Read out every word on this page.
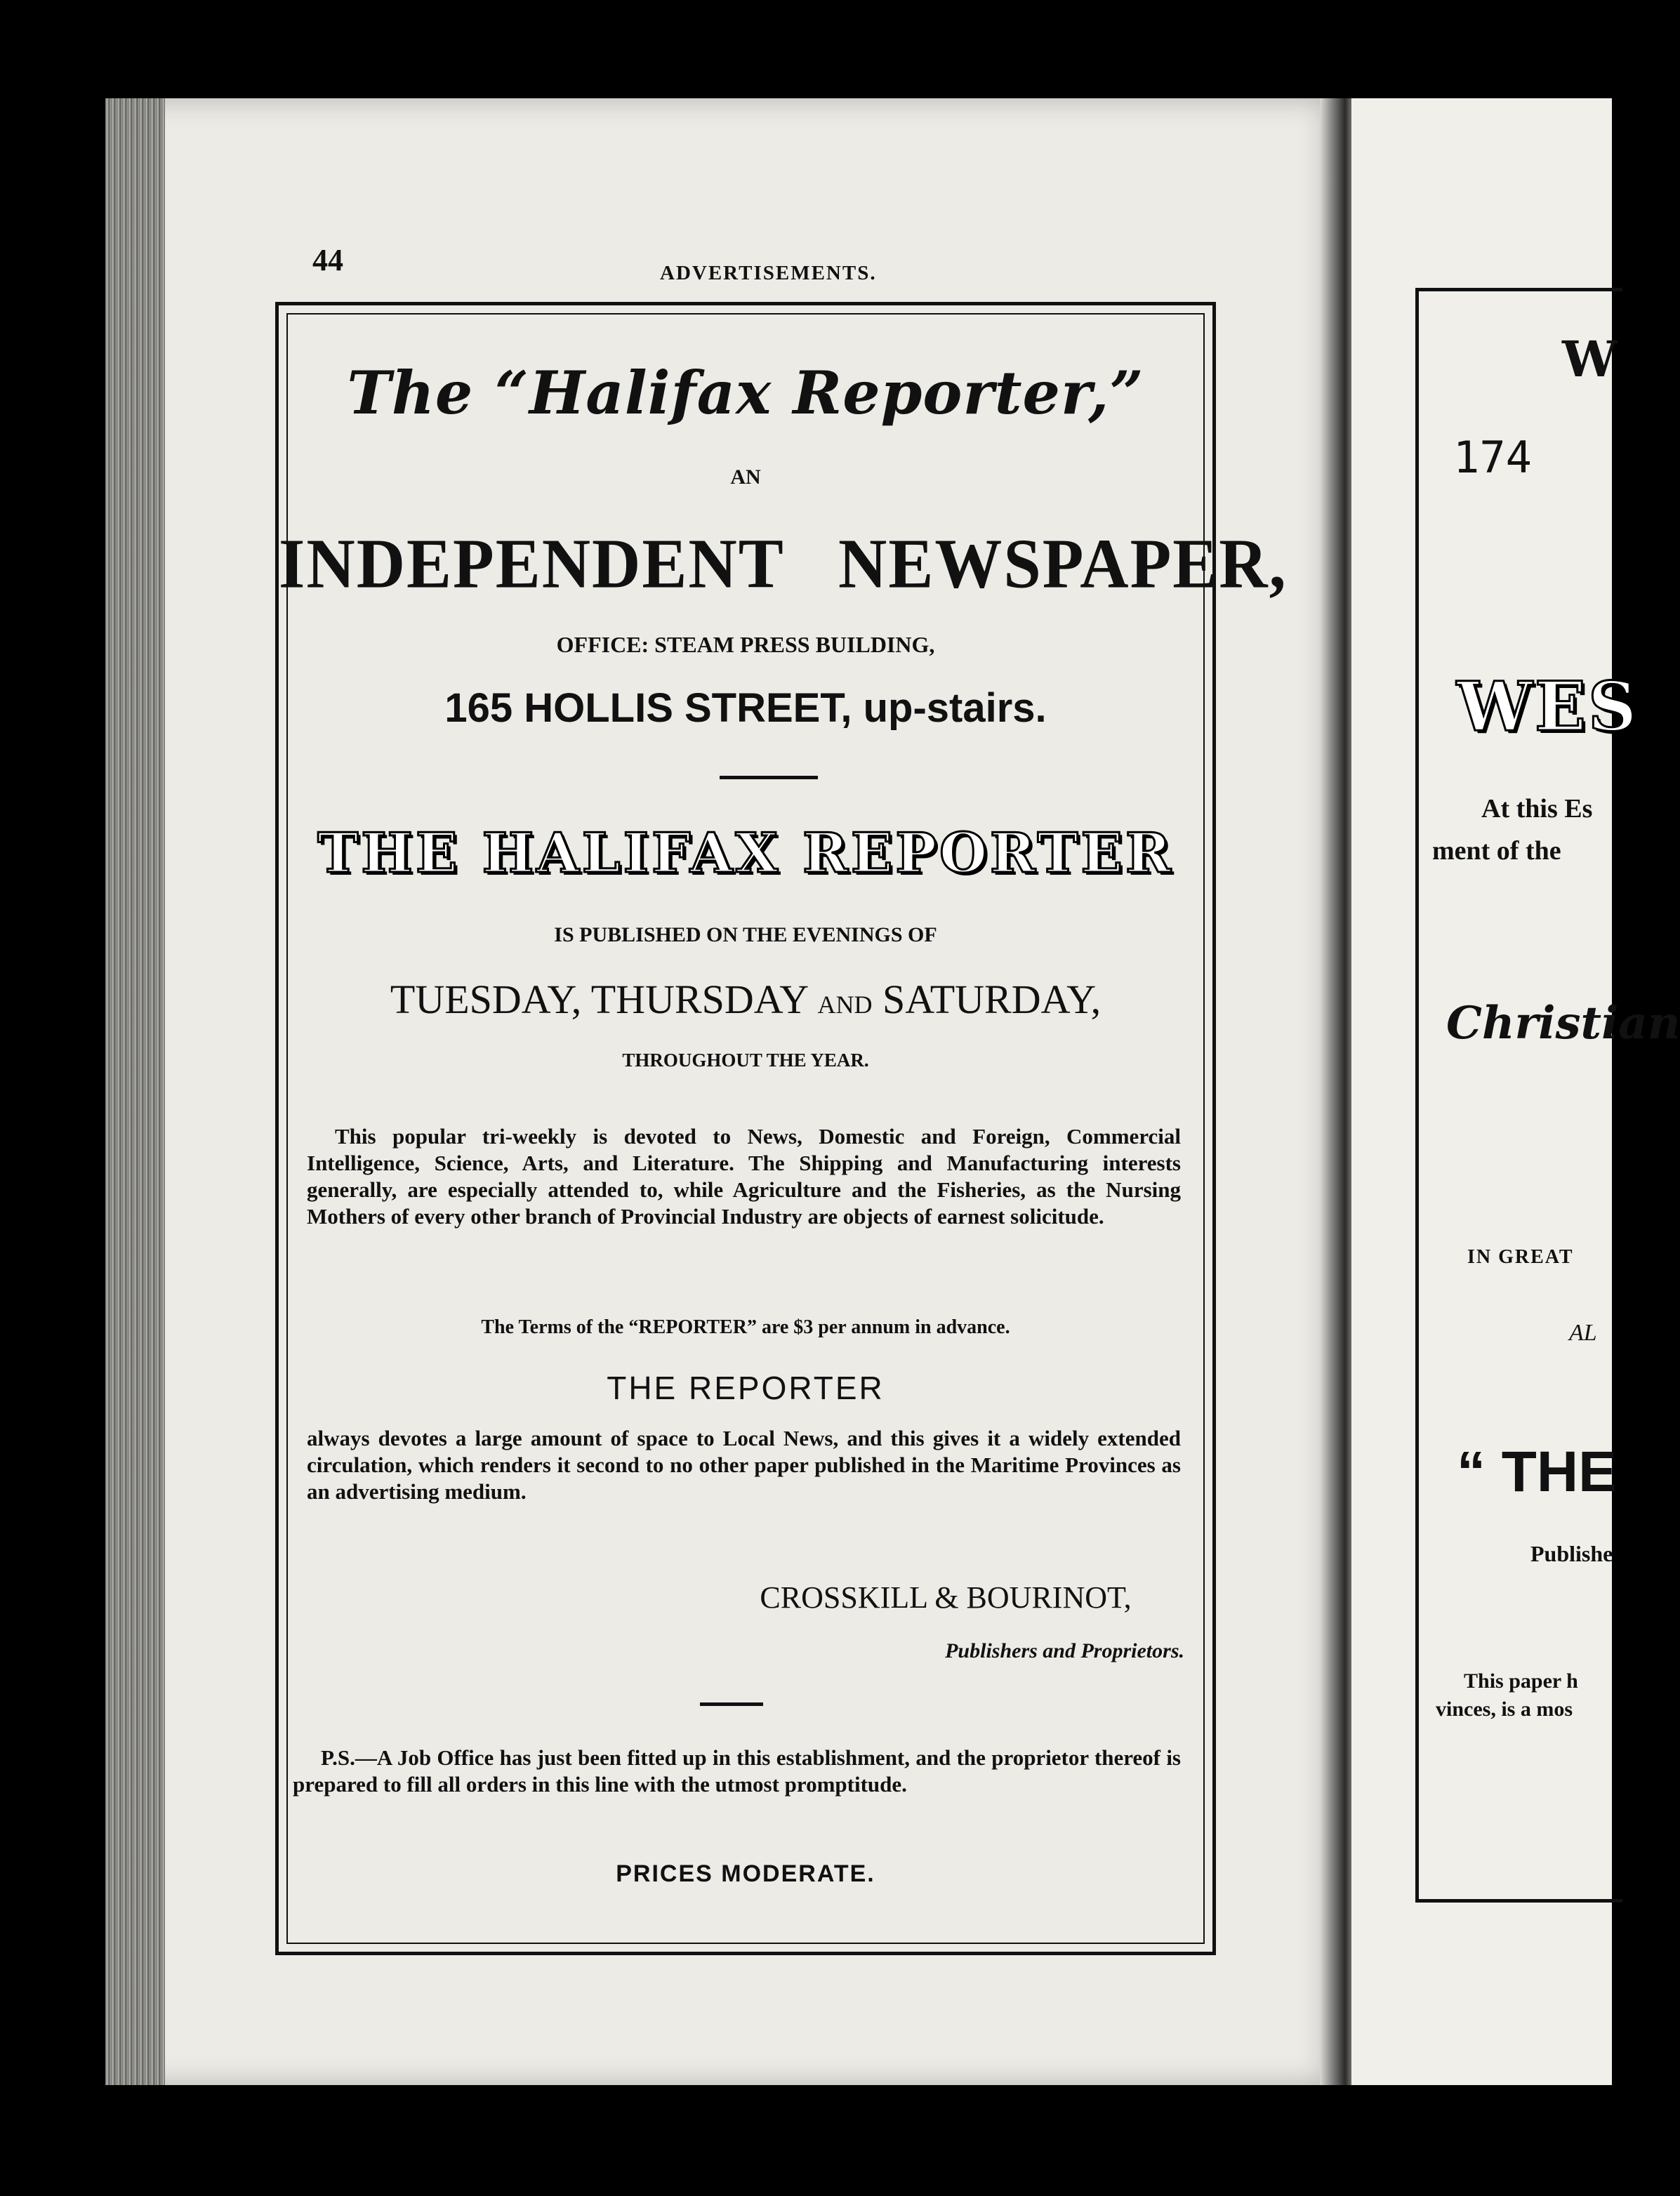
44	ADVERTISEMENTS.
The “Halifax Reporter,”
AN
INDEPENDENT   NEWSPAPER,
OFFICE: STEAM PRESS BUILDING,
165 HOLLIS STREET, up-stairs.
THE HALIFAX REPORTER
IS PUBLISHED ON THE EVENINGS OF
TUESDAY, THURSDAY AND SATURDAY,
THROUGHOUT THE YEAR.
This popular tri-weekly is devoted to News, Domestic and Foreign, Commercial Intelligence, Science, Arts, and Literature. The Shipping and Manufacturing interests generally, are especially attended to, while Agriculture and the Fisheries, as the Nursing Mothers of every other branch of Provincial Industry are objects of earnest solicitude.
The Terms of the “REPORTER” are $3 per annum in advance.
THE REPORTER
always devotes a large amount of space to Local News, and this gives it a widely extended circulation, which renders it second to no other paper published in the Maritime Provinces as an advertising medium.
CROSSKILL & BOURINOT,
Publishers and Proprietors.
P.S.—A Job Office has just been fitted up in this establishment, and the proprietor thereof is prepared to fill all orders in this line with the utmost promptitude.
PRICES MODERATE.
W
174
WES
At this Es
ment of the
Christian
IN GREAT
AL
“ THE
Publishe
This paper h
vinces, is a mos
